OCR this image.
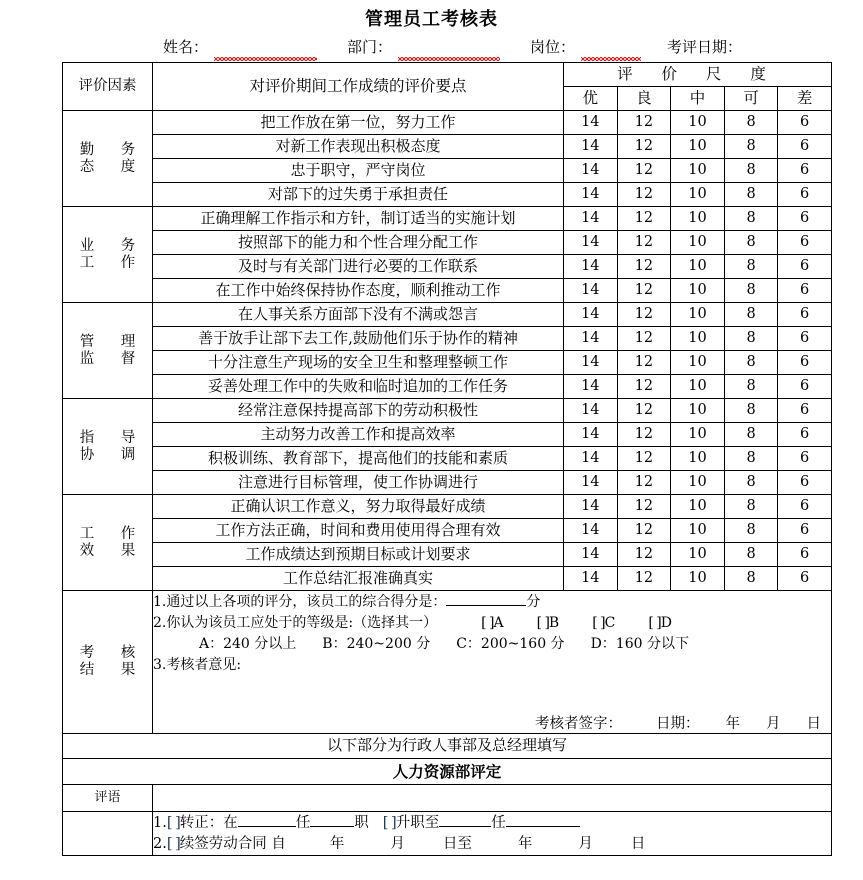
管理员工考核表
姓名：	部门：	岗位：	考评日期：
评价因素	对评价期间工作成绩的评价要点	评 价 尺 度				
		优	良	中	可	差

勤 务
态 度	把工作放在第一位，努力工作	14	12	10	8	6
	对新工作表现出积极态度	14	12	10	8	6
	忠于职守，严守岗位	14	12	10	8	6
	对部下的过失勇于承担责任	14	12	10	8	6

业 务
工 作	正确理解工作指示和方针，制订适当的实施计划	14	12	10	8	6
	按照部下的能力和个性合理分配工作	14	12	10	8	6
	及时与有关部门进行必要的工作联系	14	12	10	8	6
	在工作中始终保持协作态度，顺利推动工作	14	12	10	8	6

管 理
监 督	在人事关系方面部下没有不满或怨言	14	12	10	8	6
	善于放手让部下去工作,鼓励他们乐于协作的精神	14	12	10	8	6
	十分注意生产现场的安全卫生和整理整顿工作	14	12	10	8	6
	妥善处理工作中的失败和临时追加的工作任务	14	12	10	8	6

指 导
协 调	经常注意保持提高部下的劳动积极性	14	12	10	8	6
	主动努力改善工作和提高效率	14	12	10	8	6
	积极训练、教育部下，提高他们的技能和素质	14	12	10	8	6
	注意进行目标管理，使工作协调进行	14	12	10	8	6

工 作
效 果	正确认识工作意义，努力取得最好成绩	14	12	10	8	6
	工作方法正确，时间和费用使用得合理有效	14	12	10	8	6
	工作成绩达到预期目标或计划要求	14	12	10	8	6
	工作总结汇报准确真实	14	12	10	8	6

考 核
结 果

1.通过以上各项的评分，该员工的综合得分是：	分
2.你认为该员工应处于的等级是:（选择其一）	[ ]A [ ]B [ ]C [ ]D
A：240 分以上 B：240~200 分 C：200~160 分 D：160 分以下
3.考核者意见:
考核者签字： 日期： 年 月 日

以下部分为行政人事部及总经理填写						
人力资源部评定						
评语						

	1.[ ]转正：在 任 职 [ ]升职至 任
2.[ ]续签劳动合同 自 年 月 日至 年 月 日					
